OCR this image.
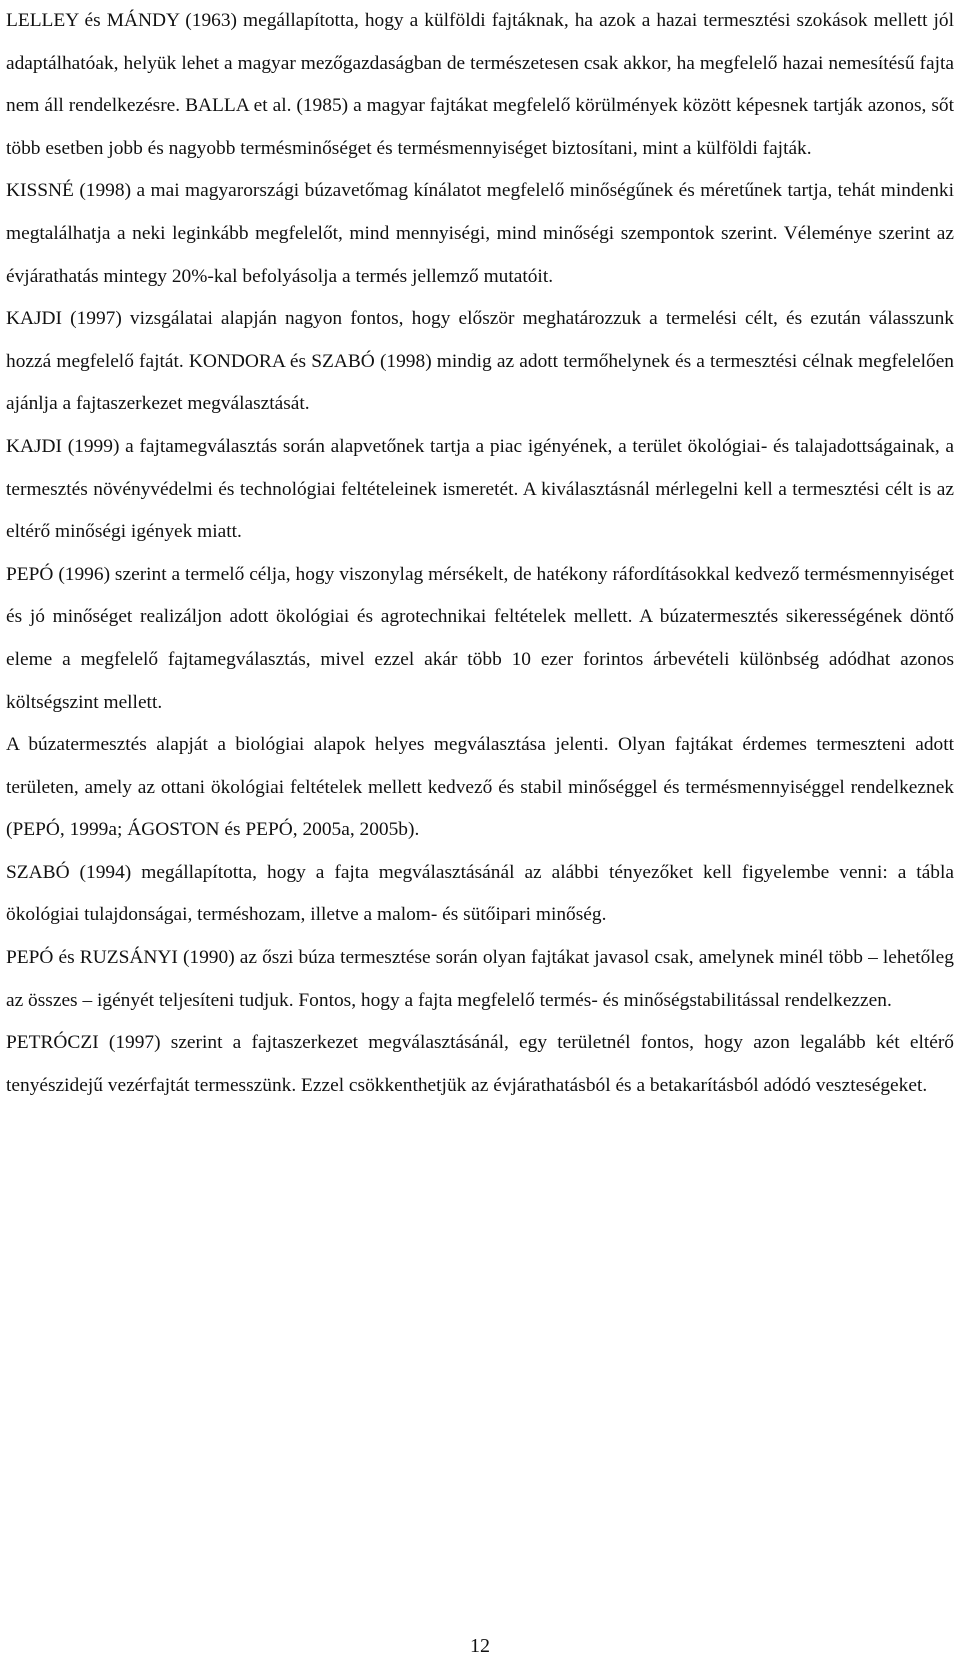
LELLEY és MÁNDY (1963) megállapította, hogy a külföldi fajtáknak, ha azok a hazai termesztési szokások mellett jól adaptálhatóak, helyük lehet a magyar mezőgazdaságban de természetesen csak akkor, ha megfelelő hazai nemesítésű fajta nem áll rendelkezésre. BALLA et al. (1985) a magyar fajtákat megfelelő körülmények között képesnek tartják azonos, sőt több esetben jobb és nagyobb termésminőséget és termésmennyiséget biztosítani, mint a külföldi fajták.

KISSNÉ (1998) a mai magyarországi búzavetőmag kínálatot megfelelő minőségűnek és méretűnek tartja, tehát mindenki megtalálhatja a neki leginkább megfelelőt, mind mennyiségi, mind minőségi szempontok szerint. Véleménye szerint az évjárathatás mintegy 20%-kal befolyásolja a termés jellemző mutatóit.

KAJDI (1997) vizsgálatai alapján nagyon fontos, hogy először meghatározzuk a termelési célt, és ezután válasszunk hozzá megfelelő fajtát. KONDORA és SZABÓ (1998) mindig az adott termőhelynek és a termesztési célnak megfelelően ajánlja a fajtaszerkezet megválasztását.

KAJDI (1999) a fajtamegválasztás során alapvetőnek tartja a piac igényének, a terület ökológiai- és talajadottságainak, a termesztés növényvédelmi és technológiai feltételeinek ismeretét. A kiválasztásnál mérlegelni kell a termesztési célt is az eltérő minőségi igények miatt.

PEPÓ (1996) szerint a termelő célja, hogy viszonylag mérsékelt, de hatékony ráfordításokkal kedvező termésmennyiséget és jó minőséget realizáljon adott ökológiai és agrotechnikai feltételek mellett. A búzatermesztés sikerességének döntő eleme a megfelelő fajtamegválasztás, mivel ezzel akár több 10 ezer forintos árbevételi különbség adódhat azonos költségszint mellett.

A búzatermesztés alapját a biológiai alapok helyes megválasztása jelenti. Olyan fajtákat érdemes termeszteni adott területen, amely az ottani ökológiai feltételek mellett kedvező és stabil minőséggel és termésmennyiséggel rendelkeznek (PEPÓ, 1999a; ÁGOSTON és PEPÓ, 2005a, 2005b).

SZABÓ (1994) megállapította, hogy a fajta megválasztásánál az alábbi tényezőket kell figyelembe venni: a tábla ökológiai tulajdonságai, terméshozam, illetve a malom- és sütőipari minőség.

PEPÓ és RUZSÁNYI (1990) az őszi búza termesztése során olyan fajtákat javasol csak, amelynek minél több – lehetőleg az összes – igényét teljesíteni tudjuk. Fontos, hogy a fajta megfelelő termés- és minőségstabilitással rendelkezzen.

PETRÓCZI (1997) szerint a fajtaszerkezet megválasztásánál, egy területnél fontos, hogy azon legalább két eltérő tenyészidejű vezérfajtát termesszünk. Ezzel csökkenthetjük az évjárathatásból és a betakarításból adódó veszteségeket.

12
